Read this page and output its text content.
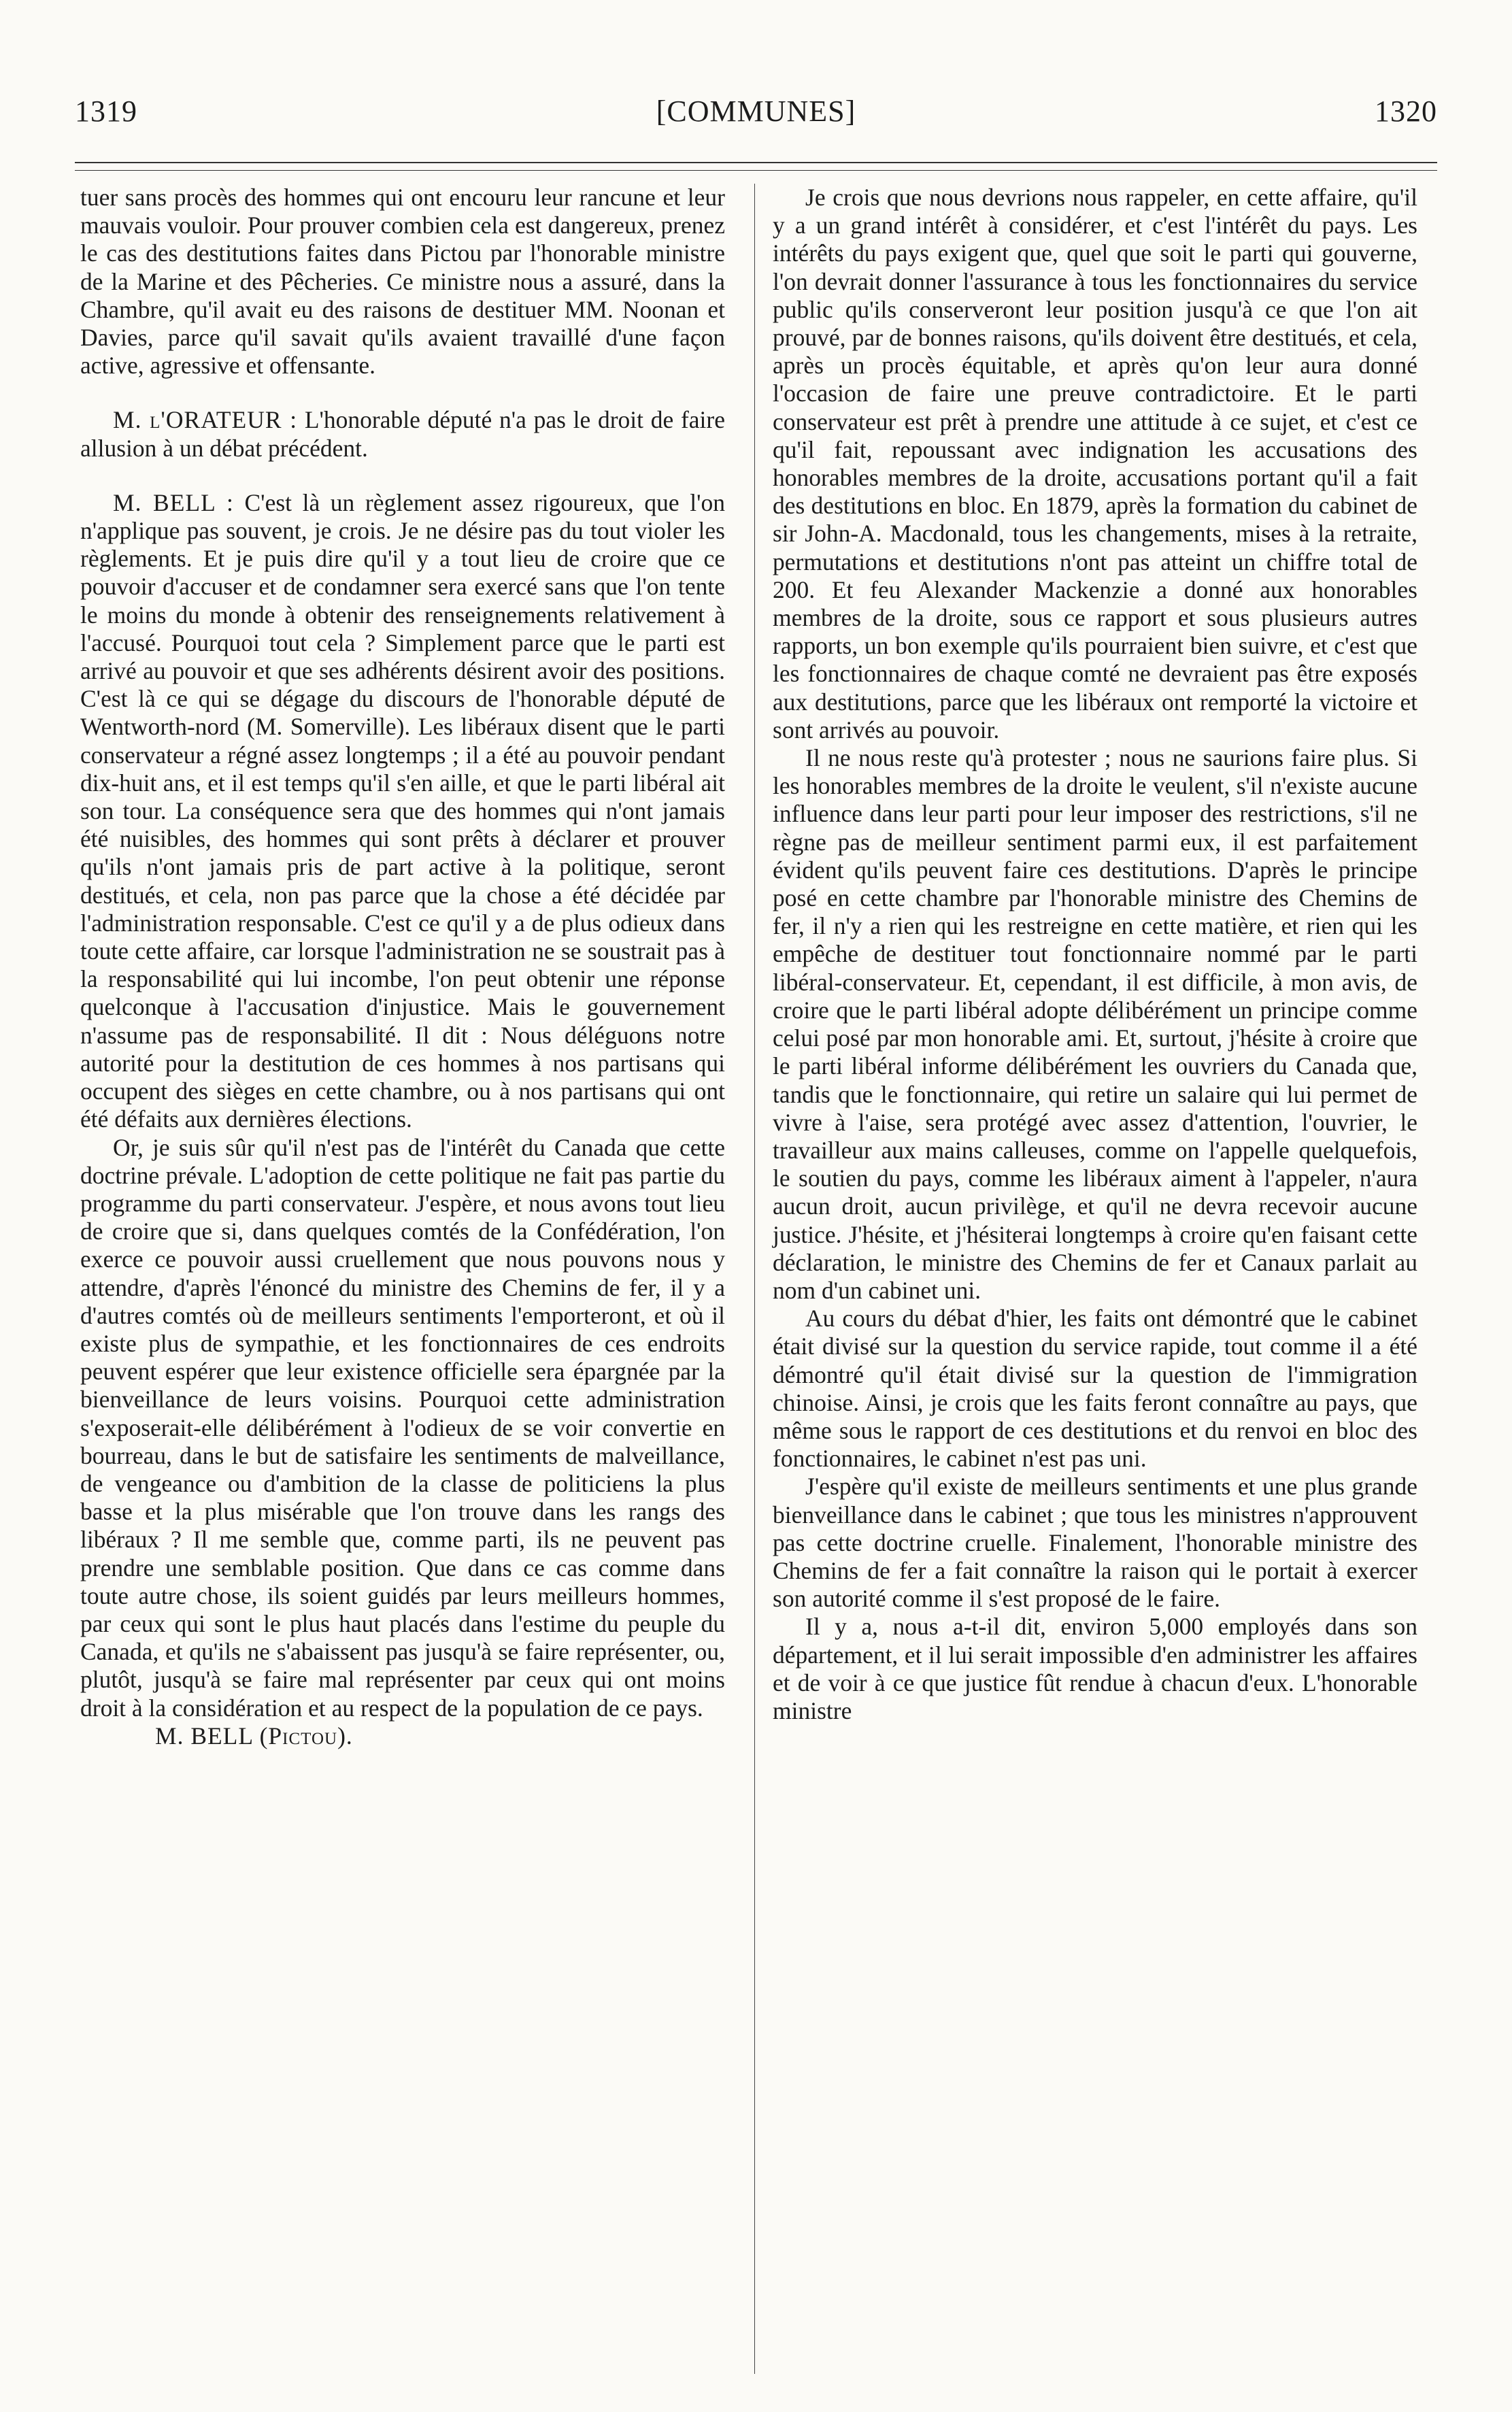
1319	[COMMUNES]	1320

tuer sans procès des hommes qui ont encouru leur rancune et leur mauvais vouloir. Pour prouver combien cela est dangereux, prenez le cas des destitutions faites dans Pictou par l'honorable ministre de la Marine et des Pêcheries. Ce ministre nous a assuré, dans la Chambre, qu'il avait eu des raisons de destituer MM. Noonan et Davies, parce qu'il savait qu'ils avaient travaillé d'une façon active, agressive et offensante.

M. l'ORATEUR : L'honorable député n'a pas le droit de faire allusion à un débat précédent.

M. BELL : C'est là un règlement assez rigoureux, que l'on n'applique pas souvent, je crois. Je ne désire pas du tout violer les règlements. Et je puis dire qu'il y a tout lieu de croire que ce pouvoir d'accuser et de condamner sera exercé sans que l'on tente le moins du monde à obtenir des renseignements relativement à l'accusé. Pourquoi tout cela ? Simplement parce que le parti est arrivé au pouvoir et que ses adhérents désirent avoir des positions. C'est là ce qui se dégage du discours de l'honorable député de Wentworth-nord (M. Somerville). Les libéraux disent que le parti conservateur a régné assez longtemps ; il a été au pouvoir pendant dix-huit ans, et il est temps qu'il s'en aille, et que le parti libéral ait son tour. La conséquence sera que des hommes qui n'ont jamais été nuisibles, des hommes qui sont prêts à déclarer et prouver qu'ils n'ont jamais pris de part active à la politique, seront destitués, et cela, non pas parce que la chose a été décidée par l'administration responsable. C'est ce qu'il y a de plus odieux dans toute cette affaire, car lorsque l'administration ne se soustrait pas à la responsabilité qui lui incombe, l'on peut obtenir une réponse quelconque à l'accusation d'injustice. Mais le gouvernement n'assume pas de responsabilité. Il dit : Nous déléguons notre autorité pour la destitution de ces hommes à nos partisans qui occupent des sièges en cette chambre, ou à nos partisans qui ont été défaits aux dernières élections.

Or, je suis sûr qu'il n'est pas de l'intérêt du Canada que cette doctrine prévale. L'adoption de cette politique ne fait pas partie du programme du parti conservateur. J'espère, et nous avons tout lieu de croire que si, dans quelques comtés de la Confédération, l'on exerce ce pouvoir aussi cruellement que nous pouvons nous y attendre, d'après l'énoncé du ministre des Chemins de fer, il y a d'autres comtés où de meilleurs sentiments l'emporteront, et où il existe plus de sympathie, et les fonctionnaires de ces endroits peuvent espérer que leur existence officielle sera épargnée par la bienveillance de leurs voisins. Pourquoi cette administration s'exposerait-elle délibérément à l'odieux de se voir convertie en bourreau, dans le but de satisfaire les sentiments de malveillance, de vengeance ou d'ambition de la classe de politiciens la plus basse et la plus misérable que l'on trouve dans les rangs des libéraux ? Il me semble que, comme parti, ils ne peuvent pas prendre une semblable position. Que dans ce cas comme dans toute autre chose, ils soient guidés par leurs meilleurs hommes, par ceux qui sont le plus haut placés dans l'estime du peuple du Canada, et qu'ils ne s'abaissent pas jusqu'à se faire représenter, ou, plutôt, jusqu'à se faire mal représenter par ceux qui ont moins droit à la considération et au respect de la population de ce pays.

M. BELL (Pictou).

Je crois que nous devrions nous rappeler, en cette affaire, qu'il y a un grand intérêt à considérer, et c'est l'intérêt du pays. Les intérêts du pays exigent que, quel que soit le parti qui gouverne, l'on devrait donner l'assurance à tous les fonctionnaires du service public qu'ils conserveront leur position jusqu'à ce que l'on ait prouvé, par de bonnes raisons, qu'ils doivent être destitués, et cela, après un procès équitable, et après qu'on leur aura donné l'occasion de faire une preuve contradictoire. Et le parti conservateur est prêt à prendre une attitude à ce sujet, et c'est ce qu'il fait, repoussant avec indignation les accusations des honorables membres de la droite, accusations portant qu'il a fait des destitutions en bloc. En 1879, après la formation du cabinet de sir John-A. Macdonald, tous les changements, mises à la retraite, permutations et destitutions n'ont pas atteint un chiffre total de 200. Et feu Alexander Mackenzie a donné aux honorables membres de la droite, sous ce rapport et sous plusieurs autres rapports, un bon exemple qu'ils pourraient bien suivre, et c'est que les fonctionnaires de chaque comté ne devraient pas être exposés aux destitutions, parce que les libéraux ont remporté la victoire et sont arrivés au pouvoir.

Il ne nous reste qu'à protester ; nous ne saurions faire plus. Si les honorables membres de la droite le veulent, s'il n'existe aucune influence dans leur parti pour leur imposer des restrictions, s'il ne règne pas de meilleur sentiment parmi eux, il est parfaitement évident qu'ils peuvent faire ces destitutions. D'après le principe posé en cette chambre par l'honorable ministre des Chemins de fer, il n'y a rien qui les restreigne en cette matière, et rien qui les empêche de destituer tout fonctionnaire nommé par le parti libéral-conservateur. Et, cependant, il est difficile, à mon avis, de croire que le parti libéral adopte délibérément un principe comme celui posé par mon honorable ami. Et, surtout, j'hésite à croire que le parti libéral informe délibérément les ouvriers du Canada que, tandis que le fonctionnaire, qui retire un salaire qui lui permet de vivre à l'aise, sera protégé avec assez d'attention, l'ouvrier, le travailleur aux mains calleuses, comme on l'appelle quelquefois, le soutien du pays, comme les libéraux aiment à l'appeler, n'aura aucun droit, aucun privilège, et qu'il ne devra recevoir aucune justice. J'hésite, et j'hésiterai longtemps à croire qu'en faisant cette déclaration, le ministre des Chemins de fer et Canaux parlait au nom d'un cabinet uni.

Au cours du débat d'hier, les faits ont démontré que le cabinet était divisé sur la question du service rapide, tout comme il a été démontré qu'il était divisé sur la question de l'immigration chinoise. Ainsi, je crois que les faits feront connaître au pays, que même sous le rapport de ces destitutions et du renvoi en bloc des fonctionnaires, le cabinet n'est pas uni.

J'espère qu'il existe de meilleurs sentiments et une plus grande bienveillance dans le cabinet ; que tous les ministres n'approuvent pas cette doctrine cruelle. Finalement, l'honorable ministre des Chemins de fer a fait connaître la raison qui le portait à exercer son autorité comme il s'est proposé de le faire.

Il y a, nous a-t-il dit, environ 5,000 employés dans son département, et il lui serait impossible d'en administrer les affaires et de voir à ce que justice fût rendue à chacun d'eux. L'honorable ministre
